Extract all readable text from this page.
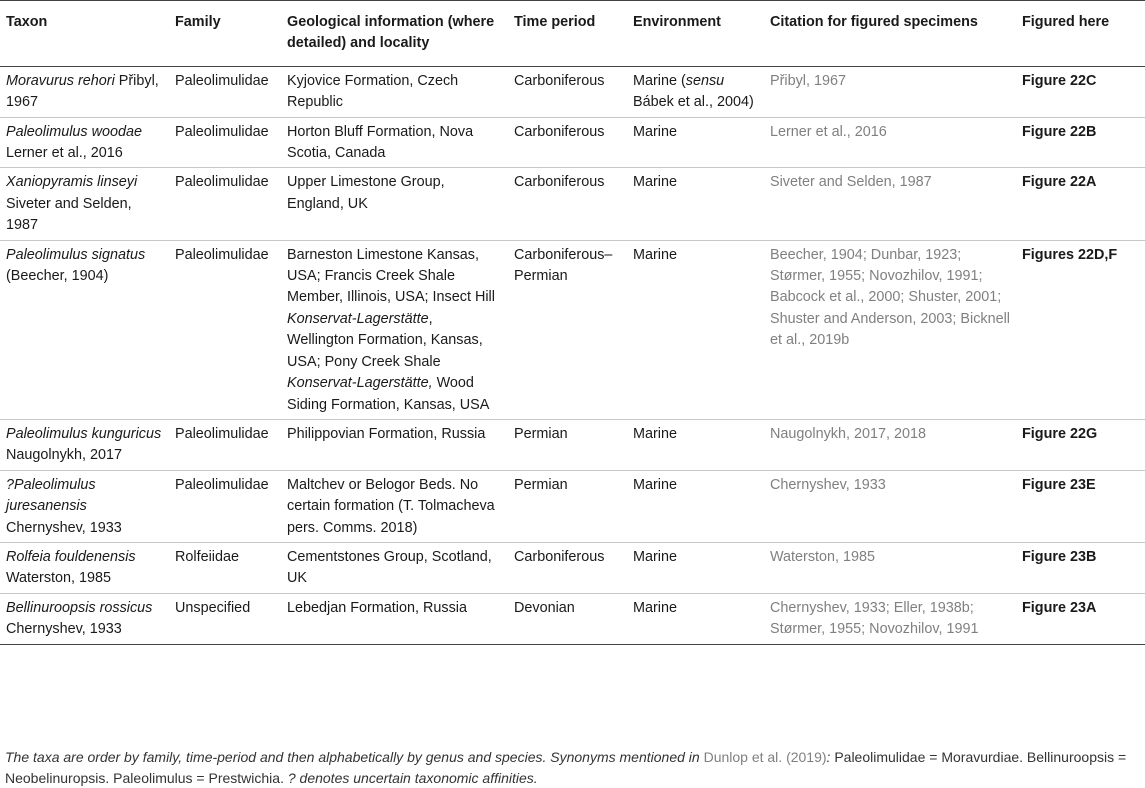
Taxon	Family	Geological information (where detailed) and locality	Time period	Environment	Citation for figured specimens	Figured here
Moravurus rehori Přibyl, 1967	Paleolimulidae	Kyjovice Formation, Czech Republic	Carboniferous	Marine (sensu Bábek et al., 2004)	Přibyl, 1967	Figure 22C
Paleolimulus woodae Lerner et al., 2016	Paleolimulidae	Horton Bluff Formation, Nova Scotia, Canada	Carboniferous	Marine	Lerner et al., 2016	Figure 22B
Xaniopyramis linseyi Siveter and Selden, 1987	Paleolimulidae	Upper Limestone Group, England, UK	Carboniferous	Marine	Siveter and Selden, 1987	Figure 22A
Paleolimulus signatus (Beecher, 1904)	Paleolimulidae	Barneston Limestone Kansas, USA; Francis Creek Shale Member, Illinois, USA; Insect Hill Konservat-Lagerstätte, Wellington Formation, Kansas, USA; Pony Creek Shale Konservat-Lagerstätte, Wood Siding Formation, Kansas, USA	Carboniferous–Permian	Marine	Beecher, 1904; Dunbar, 1923; Størmer, 1955; Novozhilov, 1991; Babcock et al., 2000; Shuster, 2001; Shuster and Anderson, 2003; Bicknell et al., 2019b	Figures 22D,F
Paleolimulus kunguricus Naugolnykh, 2017	Paleolimulidae	Philippovian Formation, Russia	Permian	Marine	Naugolnykh, 2017, 2018	Figure 22G
?Paleolimulus juresanensis Chernyshev, 1933	Paleolimulidae	Maltchev or Belogor Beds. No certain formation (T. Tolmacheva pers. Comms. 2018)	Permian	Marine	Chernyshev, 1933	Figure 23E
Rolfeia fouldenensis Waterston, 1985	Rolfeiidae	Cementstones Group, Scotland, UK	Carboniferous	Marine	Waterston, 1985	Figure 23B
Bellinuroopsis rossicus Chernyshev, 1933	Unspecified	Lebedjan Formation, Russia	Devonian	Marine	Chernyshev, 1933; Eller, 1938b; Størmer, 1955; Novozhilov, 1991	Figure 23A
The taxa are order by family, time-period and then alphabetically by genus and species. Synonyms mentioned in Dunlop et al. (2019): Paleolimulidae = Moravurdiae. Bellinuroopsis = Neobelinuropsis. Paleolimulus = Prestwichia. ? denotes uncertain taxonomic affinities.
